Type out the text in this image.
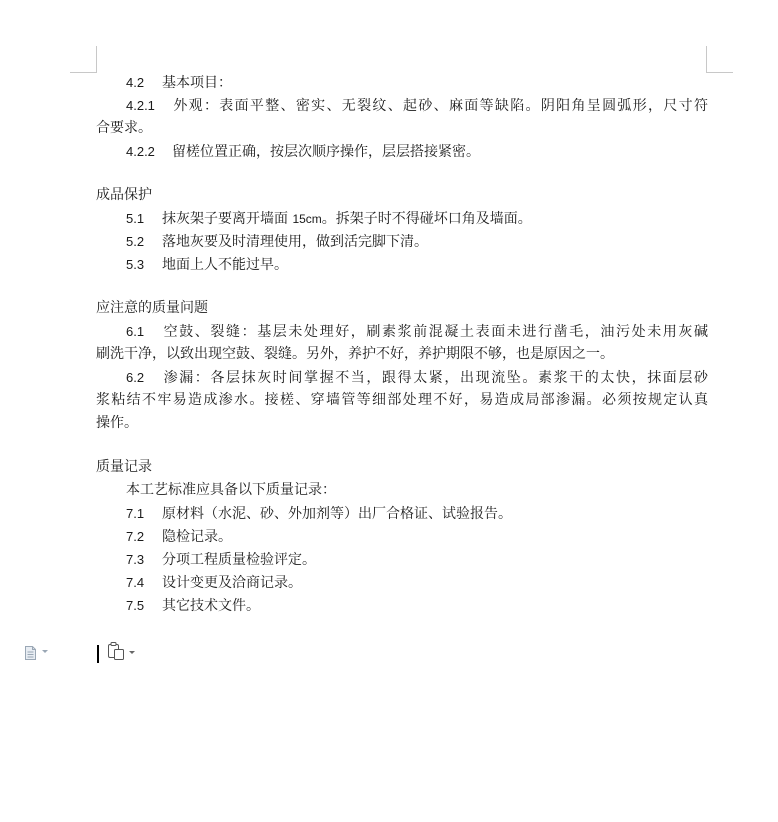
4.2 基本项目：
4.2.1 外观：表面平整、密实、无裂纹、起砂、麻面等缺陷。阴阳角呈圆弧形，尺寸符
合要求。
4.2.2 留槎位置正确，按层次顺序操作，层层搭接紧密。
成品保护
5.1 抹灰架子要离开墙面 15cm。拆架子时不得碰坏口角及墙面。
5.2 落地灰要及时清理使用，做到活完脚下清。
5.3 地面上人不能过早。
应注意的质量问题
6.1 空鼓、裂缝：基层未处理好，刷素浆前混凝土表面未进行凿毛，油污处未用灰碱
刷洗干净，以致出现空鼓、裂缝。另外，养护不好，养护期限不够，也是原因之一。
6.2 渗漏：各层抹灰时间掌握不当，跟得太紧，出现流坠。素浆干的太快，抹面层砂
浆粘结不牢易造成渗水。接槎、穿墙管等细部处理不好，易造成局部渗漏。必须按规定认真
操作。
质量记录
本工艺标准应具备以下质量记录：
7.1 原材料（水泥、砂、外加剂等）出厂合格证、试验报告。
7.2 隐检记录。
7.3 分项工程质量检验评定。
7.4 设计变更及洽商记录。
7.5 其它技术文件。
